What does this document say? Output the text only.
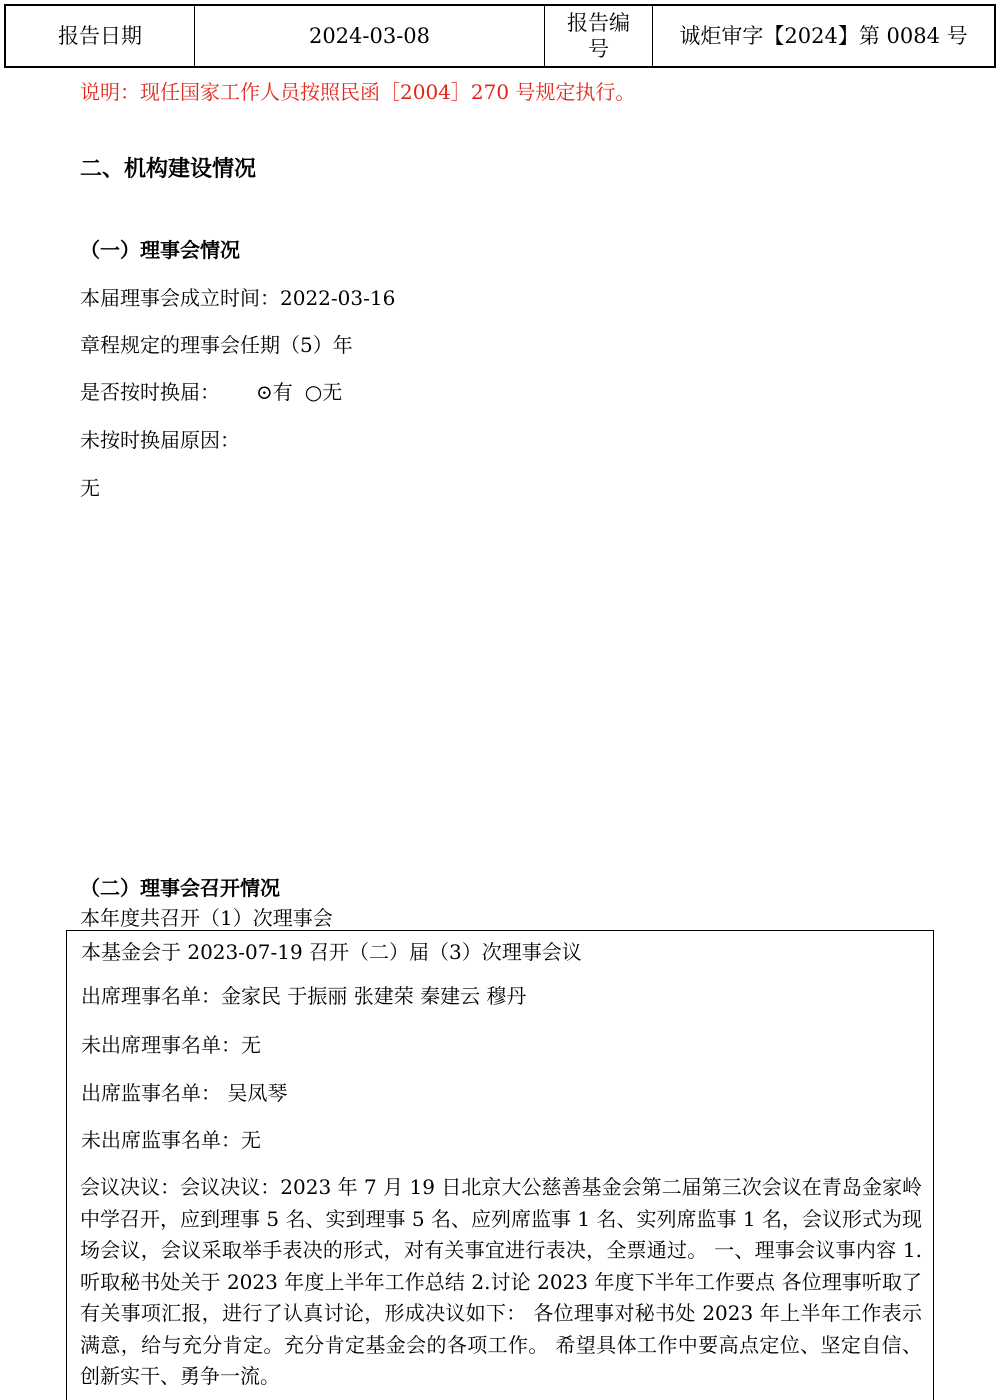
报告日期	2024-03-08
报告编
号
诚炬审字【2024】第 0084 号
说明：现任国家工作人员按照民函［2004］270 号规定执行。
二、机构建设情况
（一）理事会情况
本届理事会成立时间：2022-03-16
章程规定的理事会任期（5）年
是否按时换届： ⊙有 ○无
未按时换届原因：
无
（二）理事会召开情况
本年度共召开（1）次理事会
本基金会于 2023-07-19 召开（二）届（3）次理事会议
出席理事名单：金家民 于振丽 张建荣 秦建云 穆丹
未出席理事名单：无
出席监事名单： 吴凤琴
未出席监事名单：无
会议决议：会议决议：2023 年 7 月 19 日北京大公慈善基金会第二届第三次会议在青岛金家岭中学召开，应到理事 5 名、实到理事 5 名、应列席监事 1 名、实列席监事 1 名，会议形式为现场会议，会议采取举手表决的形式，对有关事宜进行表决，全票通过。 一、理事会议事内容 1.听取秘书处关于 2023 年度上半年工作总结 2.讨论 2023 年度下半年工作要点 各位理事听取了有关事项汇报，进行了认真讨论，形成决议如下： 各位理事对秘书处 2023 年上半年工作表示满意，给与充分肯定。充分肯定基金会的各项工作。 希望具体工作中要高点定位、坚定自信、创新实干、勇争一流。
